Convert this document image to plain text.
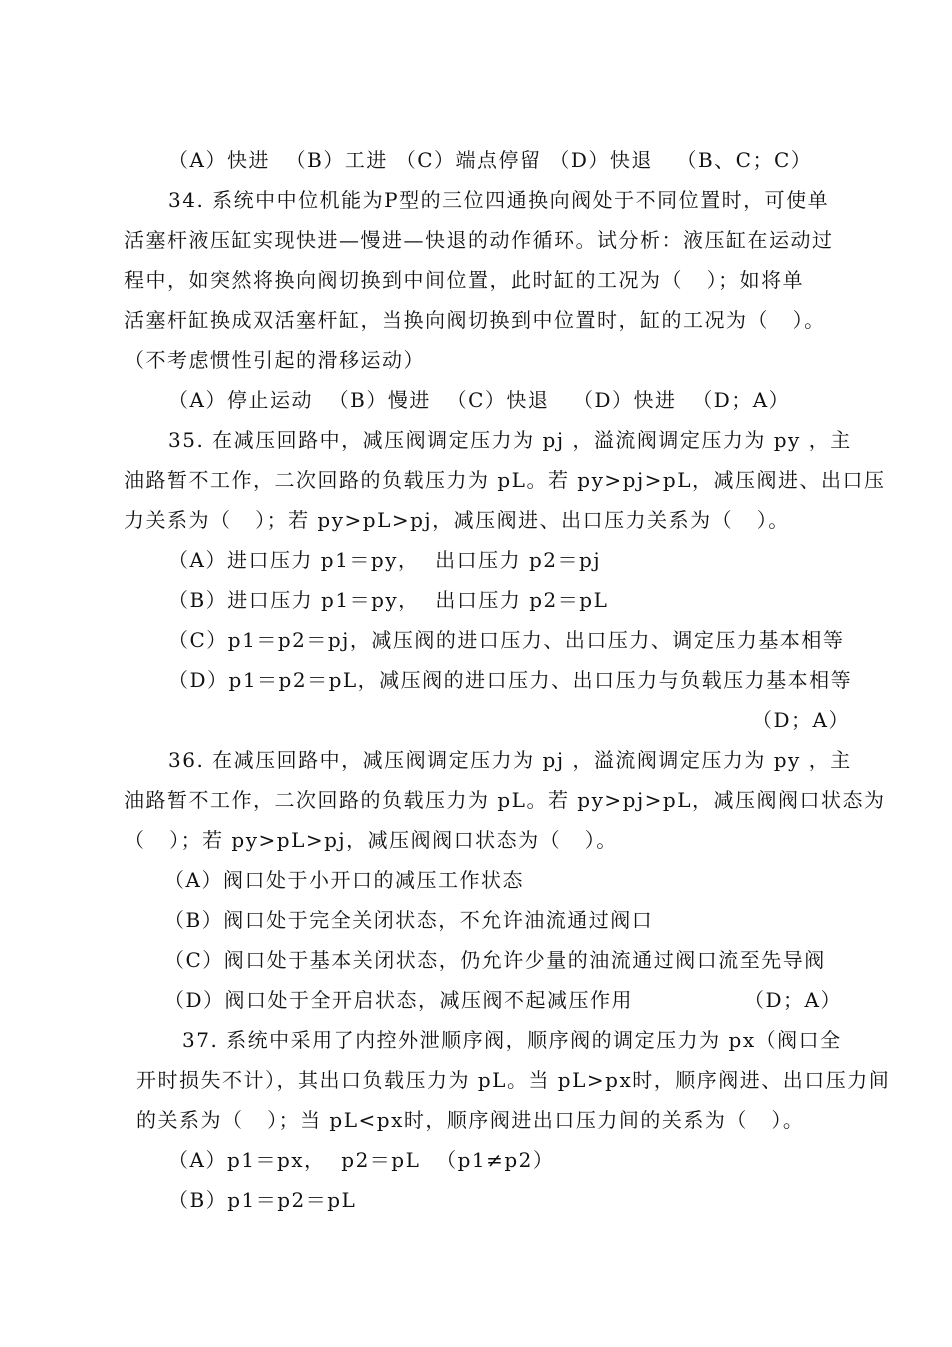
（A）快进  （B）工进 （C）端点停留 （D）快退   （B、C；C）
34. 系统中中位机能为P型的三位四通换向阀处于不同位置时，可使单
活塞杆液压缸实现快进—慢进—快退的动作循环。试分析：液压缸在运动过
程中，如突然将换向阀切换到中间位置，此时缸的工况为（   ）；如将单
活塞杆缸换成双活塞杆缸，当换向阀切换到中位置时，缸的工况为（   ）。
（不考虑惯性引起的滑移运动）
（A）停止运动  （B）慢进  （C）快退   （D）快进  （D；A）
35. 在减压回路中，减压阀调定压力为 pj ，溢流阀调定压力为 py ，主
油路暂不工作，二次回路的负载压力为 pL。若 py>pj>pL，减压阀进、出口压
力关系为（   ）；若 py>pL>pj，减压阀进、出口压力关系为（   ）。
（A）进口压力 p1＝py，  出口压力 p2＝pj
（B）进口压力 p1＝py，  出口压力 p2＝pL
（C）p1＝p2＝pj，减压阀的进口压力、出口压力、调定压力基本相等
（D）p1＝p2＝pL，减压阀的进口压力、出口压力与负载压力基本相等
（D；A）
36. 在减压回路中，减压阀调定压力为 pj ，溢流阀调定压力为 py ，主
油路暂不工作，二次回路的负载压力为 pL。若 py>pj>pL，减压阀阀口状态为
（   ）；若 py>pL>pj，减压阀阀口状态为（   ）。
（A）阀口处于小开口的减压工作状态
（B）阀口处于完全关闭状态，不允许油流通过阀口
（C）阀口处于基本关闭状态，仍允许少量的油流通过阀口流至先导阀
（D）阀口处于全开启状态，减压阀不起减压作用	（D；A）
37. 系统中采用了内控外泄顺序阀，顺序阀的调定压力为 px（阀口全
开时损失不计），其出口负载压力为 pL。当 pL>px时，顺序阀进、出口压力间
的关系为（   ）；当 pL<px时，顺序阀进出口压力间的关系为（   ）。
（A）p1＝px，  p2＝pL  （p1≠p2）
（B）p1＝p2＝pL
